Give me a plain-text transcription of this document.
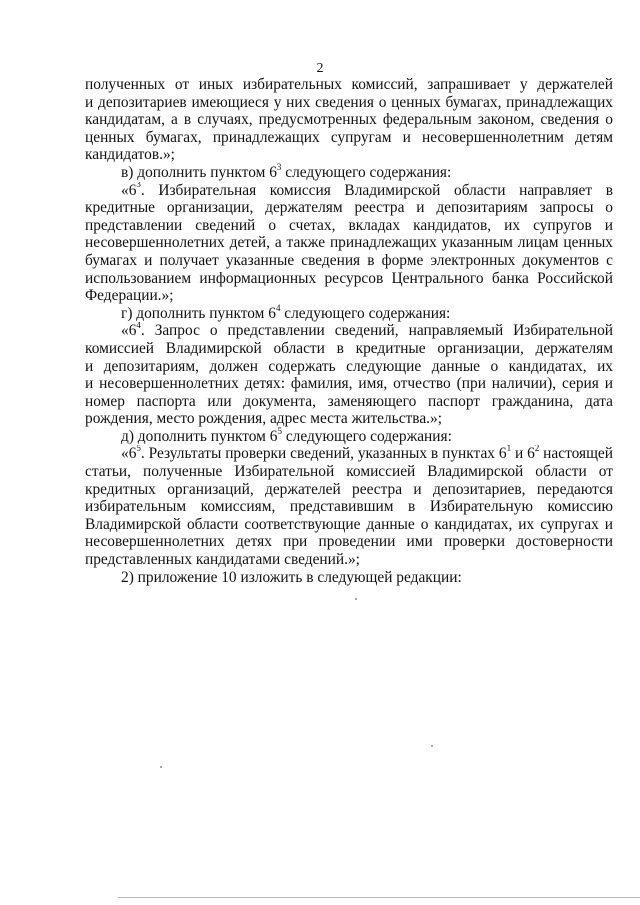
2
полученных от иных избирательных комиссий, запрашивает у держателей
и депозитариев имеющиеся у них сведения о ценных бумагах, принадлежащих
кандидатам, а в случаях, предусмотренных федеральным законом, сведения о
ценных бумагах, принадлежащих супругам и несовершеннолетним детям
кандидатов.»;
в) дополнить пунктом $6^3$ следующего содержания:
«$6^3$. Избирательная комиссия Владимирской области направляет в
кредитные организации, держателям реестра и депозитариям запросы о
представлении сведений о счетах, вкладах кандидатов, их супругов и
несовершеннолетних детей, а также принадлежащих указанным лицам ценных
бумагах и получает указанные сведения в форме электронных документов с
использованием информационных ресурсов Центрального банка Российской
Федерации.»;
г) дополнить пунктом $6^4$ следующего содержания:
«$6^4$. Запрос о представлении сведений, направляемый Избирательной
комиссией Владимирской области в кредитные организации, держателям
и депозитариям, должен содержать следующие данные о кандидатах, их
и несовершеннолетних детях: фамилия, имя, отчество (при наличии), серия и
номер паспорта или документа, заменяющего паспорт гражданина, дата
рождения, место рождения, адрес места жительства.»;
д) дополнить пунктом $6^5$ следующего содержания:
«$6^5$. Результаты проверки сведений, указанных в пунктах $6^1$ и $6^2$ настоящей
статьи, полученные Избирательной комиссией Владимирской области от
кредитных организаций, держателей реестра и депозитариев, передаются
избирательным комиссиям, представившим в Избирательную комиссию
Владимирской области соответствующие данные о кандидатах, их супругах и
несовершеннолетних детях при проведении ими проверки достоверности
представленных кандидатами сведений.»;
2) приложение 10 изложить в следующей редакции:
